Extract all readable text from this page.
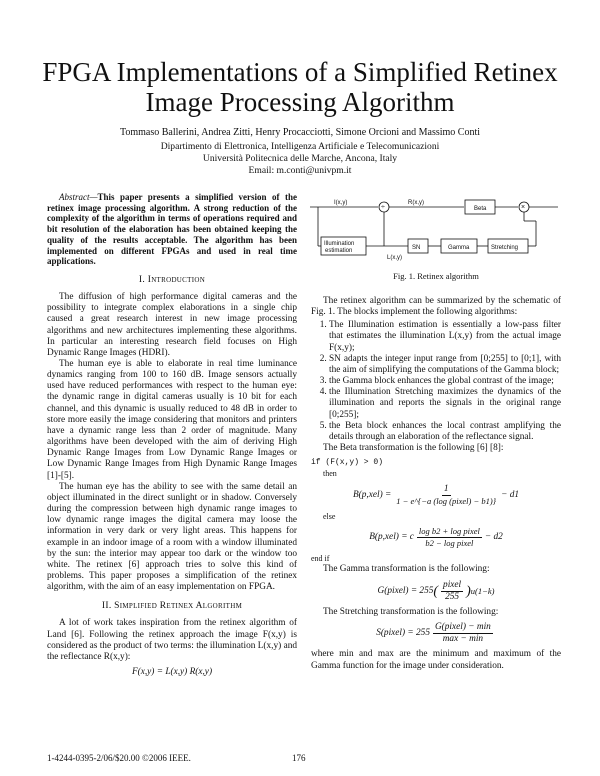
FPGA Implementations of a Simplified Retinex
Image Processing Algorithm
Tommaso Ballerini, Andrea Zitti, Henry Procacciotti, Simone Orcioni and Massimo Conti
Dipartimento di Elettronica, Intelligenza Artificiale e Telecomunicazioni
Università Politecnica delle Marche, Ancona, Italy
Email: m.conti@univpm.it

Abstract—This paper presents a simplified version of the retinex image processing algorithm. A strong reduction of the complexity of the algorithm in terms of operations required and bit resolution of the elaboration has been obtained keeping the quality of the results acceptable. The algorithm has been implemented on different FPGAs and used in real time applications.

I. Introduction

The diffusion of high performance digital cameras and the possibility to integrate complex elaborations in a single chip caused a great research interest in new image processing algorithms and new architectures implementing these algorithms. In particular an interesting research field focuses on High Dynamic Range Images (HDRI).

The human eye is able to elaborate in real time luminance dynamics ranging from 100 to 160 dB. Image sensors actually used have reduced performances with respect to the human eye: the dynamic range in digital cameras usually is 10 bit for each channel, and this dynamic is usually reduced to 48 dB in order to store more easily the image considering that monitors and printers have a dynamic range less than 2 order of magnitude. Many algorithms have been developed with the aim of deriving High Dynamic Range Images from Low Dynamic Range Images or Low Dynamic Range Images from High Dynamic Range Images [1]-[5].

The human eye has the ability to see with the same detail an object illuminated in the direct sunlight or in shadow. Conversely during the compression between high dynamic range images to low dynamic range images the digital camera may loose the information in very dark or very light areas. This happens for example in an indoor image of a room with a window illuminated by the sun: the interior may appear too dark or the window too white. The retinex [6] approach tries to solve this kind of problems. This paper proposes a simplification of the retinex algorithm, with the aim of an easy implementation on FPGA.

II. Simplified Retinex Algorithm

A lot of work takes inspiration from the retinex algorithm of Land [6]. Following the retinex approach the image F(x,y) is considered as the product of two terms: the illumination L(x,y) and the reflectance R(x,y):

F(x,y) = L(x,y) R(x,y)
I(x,y)	R(x,y)
Beta
Illumination
estimation
L(x,y)
SN	Gamma	Stretching
÷	×
Fig. 1. Retinex algorithm

The retinex algorithm can be summarized by the schematic of Fig. 1. The blocks implement the following algorithms:

1. The Illumination estimation is essentially a low-pass filter that estimates the illumination L(x,y) from the actual image F(x,y);
2. SN adapts the integer input range from [0;255] to [0;1], with the aim of simplifying the computations of the Gamma block;
3. the Gamma block enhances the global contrast of the image;
4. the Illumination Stretching maximizes the dynamics of the illumination and reports the signals in the original range [0;255];
5. the Beta block enhances the local contrast amplifying the details through an elaboration of the reflectance signal.

The Beta transformation is the following [6] [8]:

if (F(x,y) > 0)
then
$B(p,xel) = \frac{1}{\text{1 − e\textasciicircum{}\{−a (log (pixel) − b1)\}}} - d1$
else
B(p,xel) = c $\frac{\text{log b2 + log pixel}}{\text{b2 − log pixel}} - d2$
end if

The Gamma transformation is the following:

G(pixel) = 255 ( $\frac{\text{pixel}}{255}$ ) u(1−k)

The Stretching transformation is the following:

S(pixel) = $255 \frac{\text{G(pixel) − min}}{\max - \min}$

where min and max are the minimum and maximum of the Gamma function for the image under consideration.

1-4244-0395-2/06/$20.00 ©2006 IEEE.	176
